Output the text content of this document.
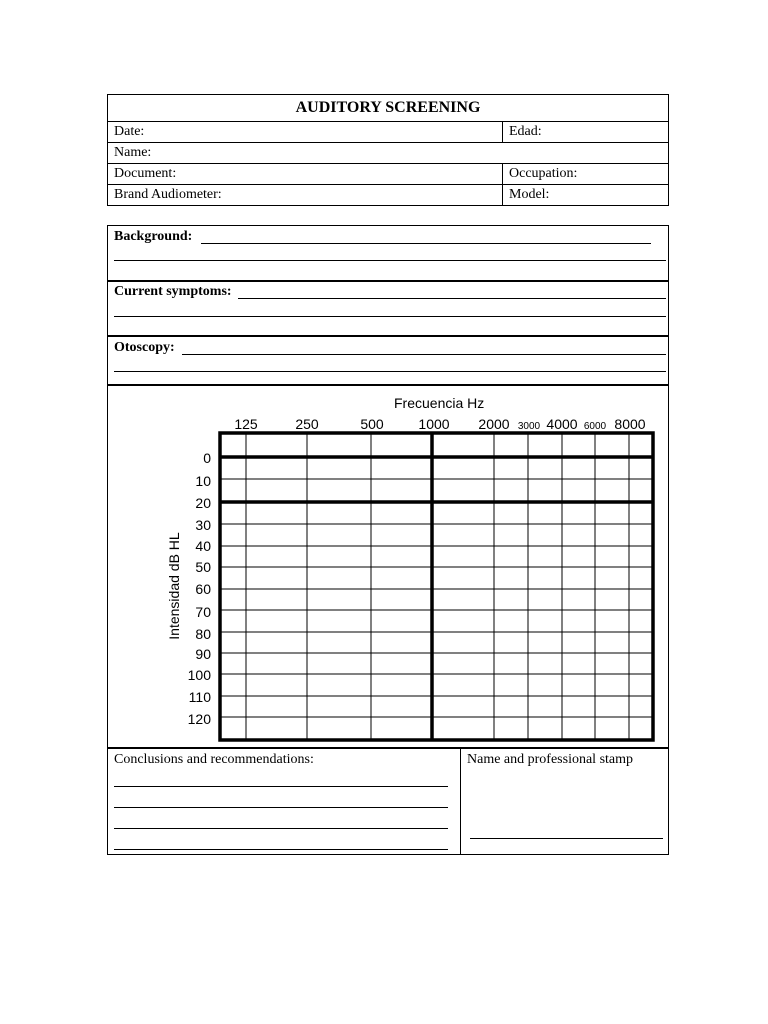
AUDITORY SCREENING
Date:	Edad:
Name:
Document:	Occupation:
Brand Audiometer:	Model:
Background:
Current symptoms:
Otoscopy:
Frecuencia Hz
Intensidad dB HL
125	250	500 1000 2000 3000 4000 6000 8000
0
10
20
30
40
50
60
70
80
90
100
110
120
Conclusions and recommendations:	Name and professional stamp
